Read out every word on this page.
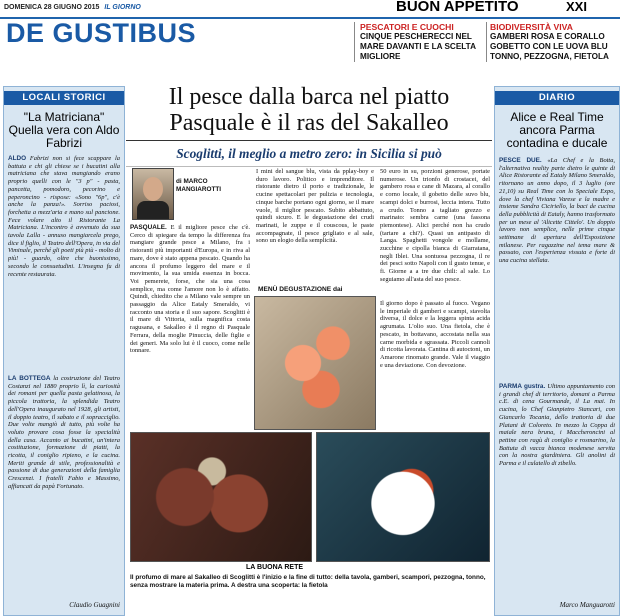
DOMENICA 28 GIUGNO 2015 IL GIORNO	BUON APPETITO	XXI
DE GUSTIBUS	PESCATORI E CUOCHI
CINQUE PESCHERECCI NEL MARE DAVANTI E LA SCELTA MIGLIORE
BIODIVERSITÀ VIVA
GAMBERI ROSA E CORALLO GOBETTO CON LE UOVA BLU TONNO, PEZZOGNA, FIETOLA
LOCALI STORICI
"La Matriciana" Quella vera con Aldo Fabrizi
ALDO Fabrizi non si fece scappare la battuta e chi gli chiese se i bucatini alla matriciana che stava mangiando erano proprio quelli con le "3 p" - pasta, pancetta, pomodoro, pecorino e peperoncino - rispose: «Sono "6p", c'è anche la panza!». Sorriso paciosi, forchetta a mezz'aria e mano sul pancione. Fece volare alto il Ristorante La Matriciana. L'incontro è avvenuto da sua tavola Lalla - annuso mangiarcela prego, dice il figlio, il Teatro dell'Opera, in via del Viminale, perché gli poeti più più - molto di più! - guardo, oltre che buonissimo, secondo le consuetudini. L'insegna fu di recente restaurata.
LA BOTTEGA la costruzione del Teatro Costanzi nel 1880 proprio lì, la curiosità dei romani per quella pasta gelatinosa, la piccola trattoria, la splendida Teatro dell'Opera inaugurato nel 1928, gli artisti, il doppio teatro, il sabato e il sopracciglio. Due volte mangiò di tutto, più volte ha voluto provare cosa fosse la specialità della casa. Accanto ai bucatini, un'intera costituzione, formazione di piatti, la ricotta, il coniglio ripieno, e la cucina. Meriti grande di stile, professionalità e passione di due generazioni della famiglia Crescenzi. I fratelli Fabio e Massimo, affiancati da papà Fortunato.
Claudio Guagnini
DIARIO
Alice e Real Time ancora Parma contadina e ducale
PESCE DUE. «La Chef e la Botta, l'alternativa reality parte dietro le quinte di Alice Ristorante ed Eataly Milano Smeraldo, ritornano un anno dopo, il 3 luglio (ore 21,10) su Real Time con lo Speciale Expo, dove la chef Viviana Varese e la madre e insieme Sandra Ciciriello, la baci de cucina della pubblicità di Eataly, hanno trasformato per un mese al 'Alicette Cittelo'. Un doppio lavoro non semplice, nelle prime cinque settimane di apertura dell'Esposizione milanese. Per ragazzine nel tema mare & passato, con l'esperienza vissuta e forte di una cucina stellata.
PARMA gustra. Ultimo appuntamento con i grandi chef di territorio, domani a Parma c.E. di cena Gourmande, il La mai. In cucina, lo Chef Gianpietro Stancari, con Giancarlo Tocania, dello trattoria di due Platani di Coloreto. In mezzo la Coppa di maiale nera bruna, i Maccheroncini al pettine con ragù di coniglio e rosmarino, la Battuta di vacca bianca modenese servita con la nostra giardiniera. Gli anolini di Parma e il culatello di zibello.
Marco Manguarotti
Il pesce dalla barca nel piatto Pasquale è il ras del Sakalleo
Scoglitti, il meglio a metro zero: in Sicilia si può
di MARCO MANGIAROTTI
PASQUALE. E il migliore pesce che c'è. Cerco di spiegare da tempo la differenza fra mangiare grande pesce a Milano, fra i ristoranti più importanti d'Europa, e in riva al mare, dove è stato appena pescato. Quando ha ancora il profumo leggero del mare e il movimento, la sua umida essenza in bocca. Voi pemerete, forse, che sia una cosa semplice, ma come l'amore non lo è affatto. Quindi, chiedito che a Milano vale sempre un passaggio da Alice Eataly Smeraldo, vi racconto una storia e il suo sapore. Scoglitti è il mare di Vittoria, sulla magnifica costa ragusana, e Sakalleo è il regno di Pasquale Ferrara, della moglie Pinuccia, delle figlie e dei generi. Ma solo lui è il cuoco, come nelle tonnare.
I mini del sangue blu, vista da pplay-boy e duro lavoro. Politico e imprenditore. Il ristorante dietro il porto e tradizionale, le cucine spettacolari per pulizia e tecnologia, cinque barche portano ogni giorno, se il mare vuole, il miglior pescato. Subito abbattuto, quindi sicuro. E le degustazione dei crudi marinati, le zuppe e il couscous, le paste accompagnate, il pesce grigliato e al sale, sono un elogio della semplicità.
MENÙ DEGUSTAZIONE dai
50 euro in su, porzioni generose, portate numerose. Un trionfo di crostacei, del gambero rosa e cane di Mazara, al corallo e corno locale, il gobetto delle suvo blu, scampi dolci e burrosi, leccia intera. Tutto a crudo. Tonno a tagliato grezzo e marinato: sembra carne (una fassona piemontese). Alici perché non ha crudo (tartare a chi?). Quasi un antipasto di Langa. Spaghetti vongole e mollame, zucchine e cipolla bianca di Giarratana, negli Iblei. Una sontuosa pezzogna, il re dei pesci sotto Napoli con il gusto tenue, e fi. Giorne a a tre due chili: al sale. Lo seguiamo all'asta del suo pesce.
Il giorno dopo è passato al fuoco. Vegano le imperiale di gamberi e scampi, stavolta diversa, il dolce e la leggera spinta acida agrumata. L'olio suo. Una fietola, che è pescato, in bottavano, accostata nella sua carne morbida e sgrassata. Piccoli cannoli di ricotta lavorata. Cantina di autoctoni, un Amarone rinomato grande. Vale il viaggio e una deviazione. Con devozione.
LA BUONA RETE
Il profumo di mare al Sakalleo di Scoglitti è l'inizio e la fine di tutto: della tavola, gamberi, scampori, pezzogna, tonno, senza mostrare la materia prima. A destra una scoperta: la fietola
